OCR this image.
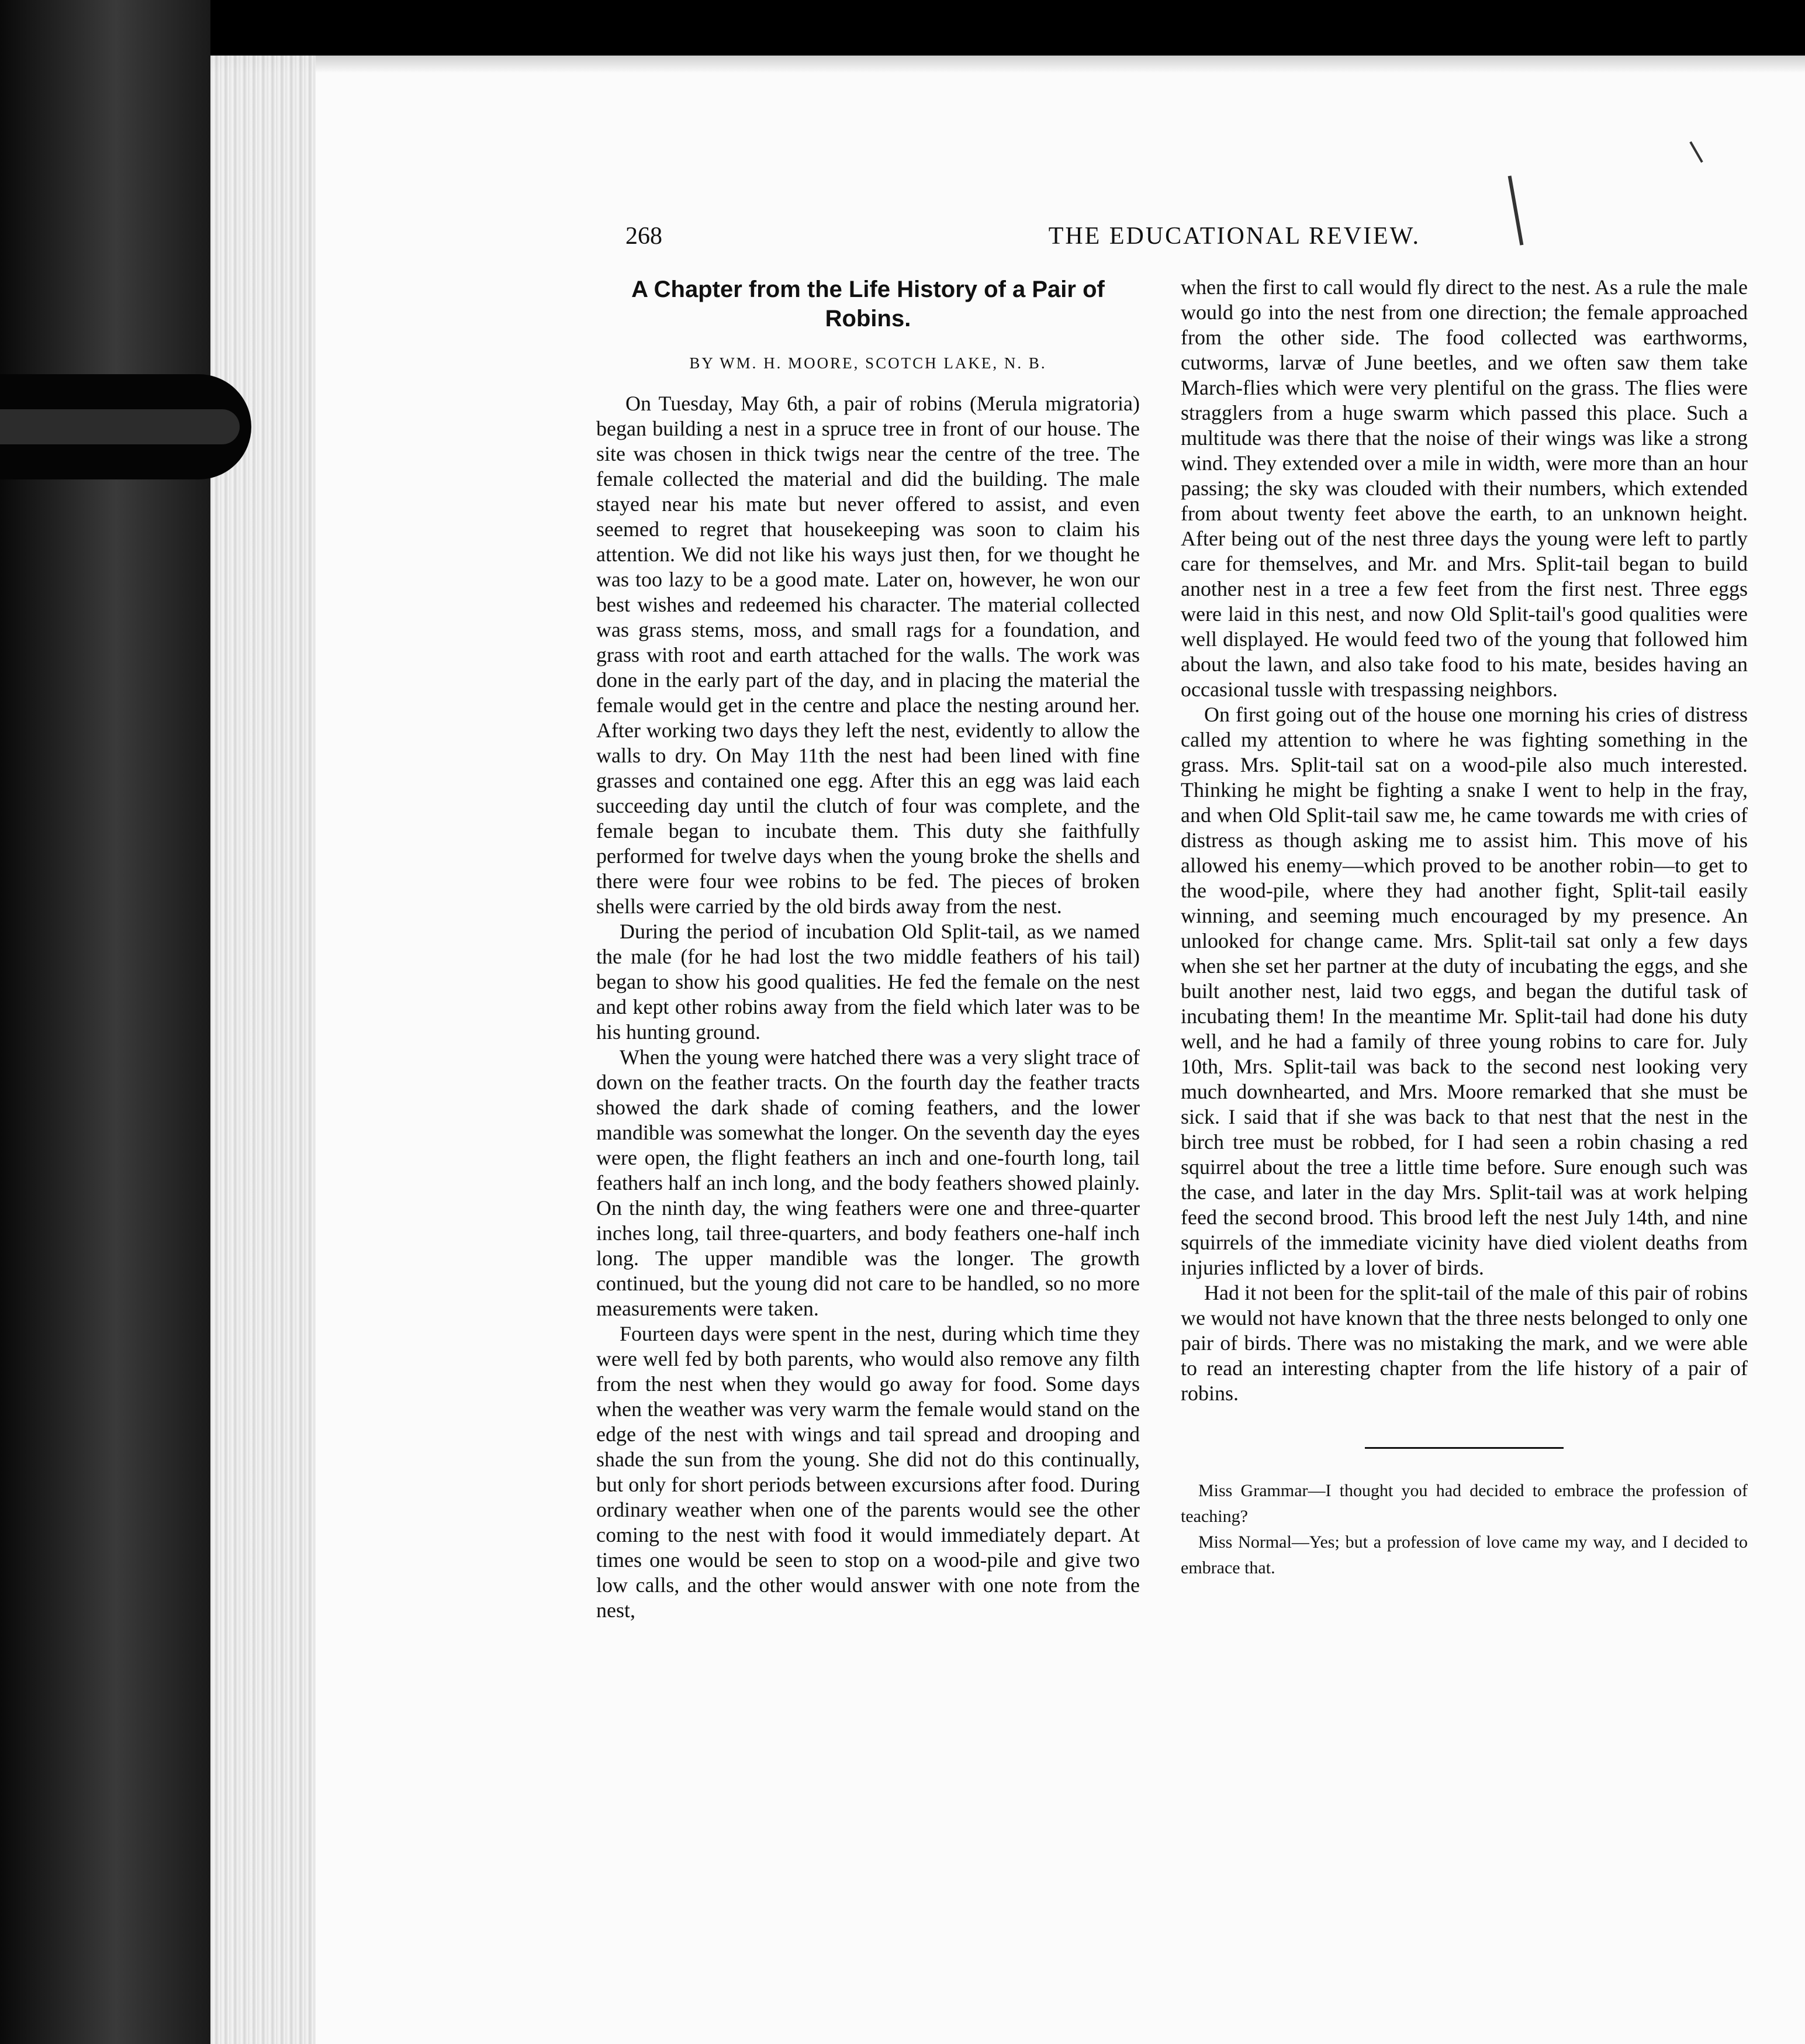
268	THE EDUCATIONAL REVIEW.
A Chapter from the Life History of a Pair of Robins.
BY WM. H. MOORE, SCOTCH LAKE, N. B.

On Tuesday, May 6th, a pair of robins (Merula migratoria) began building a nest in a spruce tree in front of our house. The site was chosen in thick twigs near the centre of the tree. The female collected the material and did the building. The male stayed near his mate but never offered to assist, and even seemed to regret that housekeeping was soon to claim his attention. We did not like his ways just then, for we thought he was too lazy to be a good mate. Later on, however, he won our best wishes and redeemed his character. The material collected was grass stems, moss, and small rags for a foundation, and grass with root and earth attached for the walls. The work was done in the early part of the day, and in placing the material the female would get in the centre and place the nesting around her. After working two days they left the nest, evidently to allow the walls to dry. On May 11th the nest had been lined with fine grasses and contained one egg. After this an egg was laid each succeeding day until the clutch of four was complete, and the female began to incubate them. This duty she faithfully performed for twelve days when the young broke the shells and there were four wee robins to be fed. The pieces of broken shells were carried by the old birds away from the nest.

During the period of incubation Old Split-tail, as we named the male (for he had lost the two middle feathers of his tail) began to show his good qualities. He fed the female on the nest and kept other robins away from the field which later was to be his hunting ground.

When the young were hatched there was a very slight trace of down on the feather tracts. On the fourth day the feather tracts showed the dark shade of coming feathers, and the lower mandible was somewhat the longer. On the seventh day the eyes were open, the flight feathers an inch and one-fourth long, tail feathers half an inch long, and the body feathers showed plainly. On the ninth day, the wing feathers were one and three-quarter inches long, tail three-quarters, and body feathers one-half inch long. The upper mandible was the longer. The growth continued, but the young did not care to be handled, so no more measurements were taken.

Fourteen days were spent in the nest, during which time they were well fed by both parents, who would also remove any filth from the nest when they would go away for food. Some days when the weather was very warm the female would stand on the edge of the nest with wings and tail spread and drooping and shade the sun from the young. She did not do this continually, but only for short periods between excursions after food. During ordinary weather when one of the parents would see the other coming to the nest with food it would immediately depart. At times one would be seen to stop on a wood-pile and give two low calls, and the other would answer with one note from the nest,

when the first to call would fly direct to the nest. As a rule the male would go into the nest from one direction; the female approached from the other side. The food collected was earthworms, cutworms, larvæ of June beetles, and we often saw them take March-flies which were very plentiful on the grass. The flies were stragglers from a huge swarm which passed this place. Such a multitude was there that the noise of their wings was like a strong wind. They extended over a mile in width, were more than an hour passing; the sky was clouded with their numbers, which extended from about twenty feet above the earth, to an unknown height. After being out of the nest three days the young were left to partly care for themselves, and Mr. and Mrs. Split-tail began to build another nest in a tree a few feet from the first nest. Three eggs were laid in this nest, and now Old Split-tail's good qualities were well displayed. He would feed two of the young that followed him about the lawn, and also take food to his mate, besides having an occasional tussle with trespassing neighbors.

On first going out of the house one morning his cries of distress called my attention to where he was fighting something in the grass. Mrs. Split-tail sat on a wood-pile also much interested. Thinking he might be fighting a snake I went to help in the fray, and when Old Split-tail saw me, he came towards me with cries of distress as though asking me to assist him. This move of his allowed his enemy—which proved to be another robin—to get to the wood-pile, where they had another fight, Split-tail easily winning, and seeming much encouraged by my presence. An unlooked for change came. Mrs. Split-tail sat only a few days when she set her partner at the duty of incubating the eggs, and she built another nest, laid two eggs, and began the dutiful task of incubating them! In the meantime Mr. Split-tail had done his duty well, and he had a family of three young robins to care for. July 10th, Mrs. Split-tail was back to the second nest looking very much downhearted, and Mrs. Moore remarked that she must be sick. I said that if she was back to that nest that the nest in the birch tree must be robbed, for I had seen a robin chasing a red squirrel about the tree a little time before. Sure enough such was the case, and later in the day Mrs. Split-tail was at work helping feed the second brood. This brood left the nest July 14th, and nine squirrels of the immediate vicinity have died violent deaths from injuries inflicted by a lover of birds.

Had it not been for the split-tail of the male of this pair of robins we would not have known that the three nests belonged to only one pair of birds. There was no mistaking the mark, and we were able to read an interesting chapter from the life history of a pair of robins.

Miss Grammar—I thought you had decided to embrace the profession of teaching?

Miss Normal—Yes; but a profession of love came my way, and I decided to embrace that.
